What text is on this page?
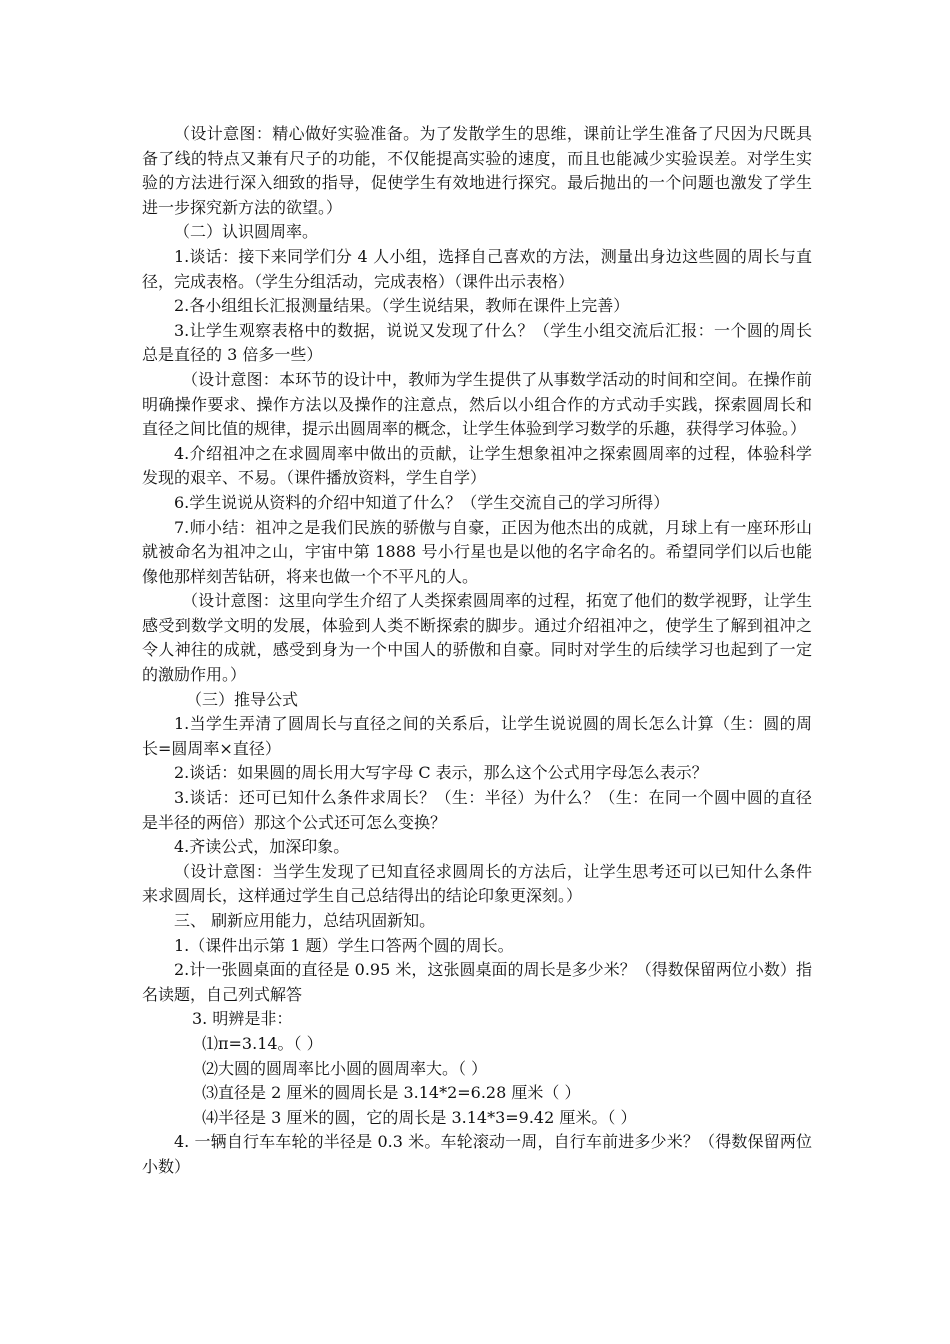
（设计意图：精心做好实验准备。为了发散学生的思维，课前让学生准备了尺因为尺既具备了线的特点又兼有尺子的功能，不仅能提高实验的速度，而且也能减少实验误差。对学生实验的方法进行深入细致的指导，促使学生有效地进行探究。最后抛出的一个问题也激发了学生进一步探究新方法的欲望。）

（二）认识圆周率。

1.谈话：接下来同学们分 4 人小组，选择自己喜欢的方法，测量出身边这些圆的周长与直径，完成表格。（学生分组活动，完成表格）（课件出示表格）

2.各小组组长汇报测量结果。（学生说结果，教师在课件上完善）

3.让学生观察表格中的数据，说说又发现了什么？（学生小组交流后汇报：一个圆的周长总是直径的 3 倍多一些）

（设计意图：本环节的设计中，教师为学生提供了从事数学活动的时间和空间。在操作前明确操作要求、操作方法以及操作的注意点，然后以小组合作的方式动手实践，探索圆周长和直径之间比值的规律，提示出圆周率的概念，让学生体验到学习数学的乐趣，获得学习体验。）

4.介绍祖冲之在求圆周率中做出的贡献，让学生想象祖冲之探索圆周率的过程，体验科学发现的艰辛、不易。（课件播放资料，学生自学）

6.学生说说从资料的介绍中知道了什么？（学生交流自己的学习所得）

7.师小结：祖冲之是我们民族的骄傲与自豪，正因为他杰出的成就，月球上有一座环形山就被命名为祖冲之山，宇宙中第 1888 号小行星也是以他的名字命名的。希望同学们以后也能像他那样刻苦钻研，将来也做一个不平凡的人。

（设计意图：这里向学生介绍了人类探索圆周率的过程，拓宽了他们的数学视野，让学生感受到数学文明的发展，体验到人类不断探索的脚步。通过介绍祖冲之，使学生了解到祖冲之令人神往的成就，感受到身为一个中国人的骄傲和自豪。同时对学生的后续学习也起到了一定的激励作用。）

（三）推导公式

1.当学生弄清了圆周长与直径之间的关系后，让学生说说圆的周长怎么计算（生：圆的周长=圆周率×直径）

2.谈话：如果圆的周长用大写字母 C 表示，那么这个公式用字母怎么表示？

3.谈话：还可已知什么条件求周长？（生：半径）为什么？（生：在同一个圆中圆的直径是半径的两倍）那这个公式还可怎么变换？

4.齐读公式，加深印象。

（设计意图：当学生发现了已知直径求圆周长的方法后，让学生思考还可以已知什么条件来求圆周长，这样通过学生自己总结得出的结论印象更深刻。）

三、 刷新应用能力，总结巩固新知。

1.（课件出示第 1 题）学生口答两个圆的周长。

2.计一张圆桌面的直径是 0.95 米，这张圆桌面的周长是多少米？（得数保留两位小数）指名读题，自己列式解答

3. 明辨是非：

⑴π=3.14。（ ）

⑵大圆的圆周率比小圆的圆周率大。（ ）

⑶直径是 2 厘米的圆周长是 3.14*2=6.28 厘米（ ）

⑷半径是 3 厘米的圆，它的周长是 3.14*3=9.42 厘米。（ ）

4. 一辆自行车车轮的半径是 0.3 米。车轮滚动一周，自行车前进多少米？（得数保留两位小数）
